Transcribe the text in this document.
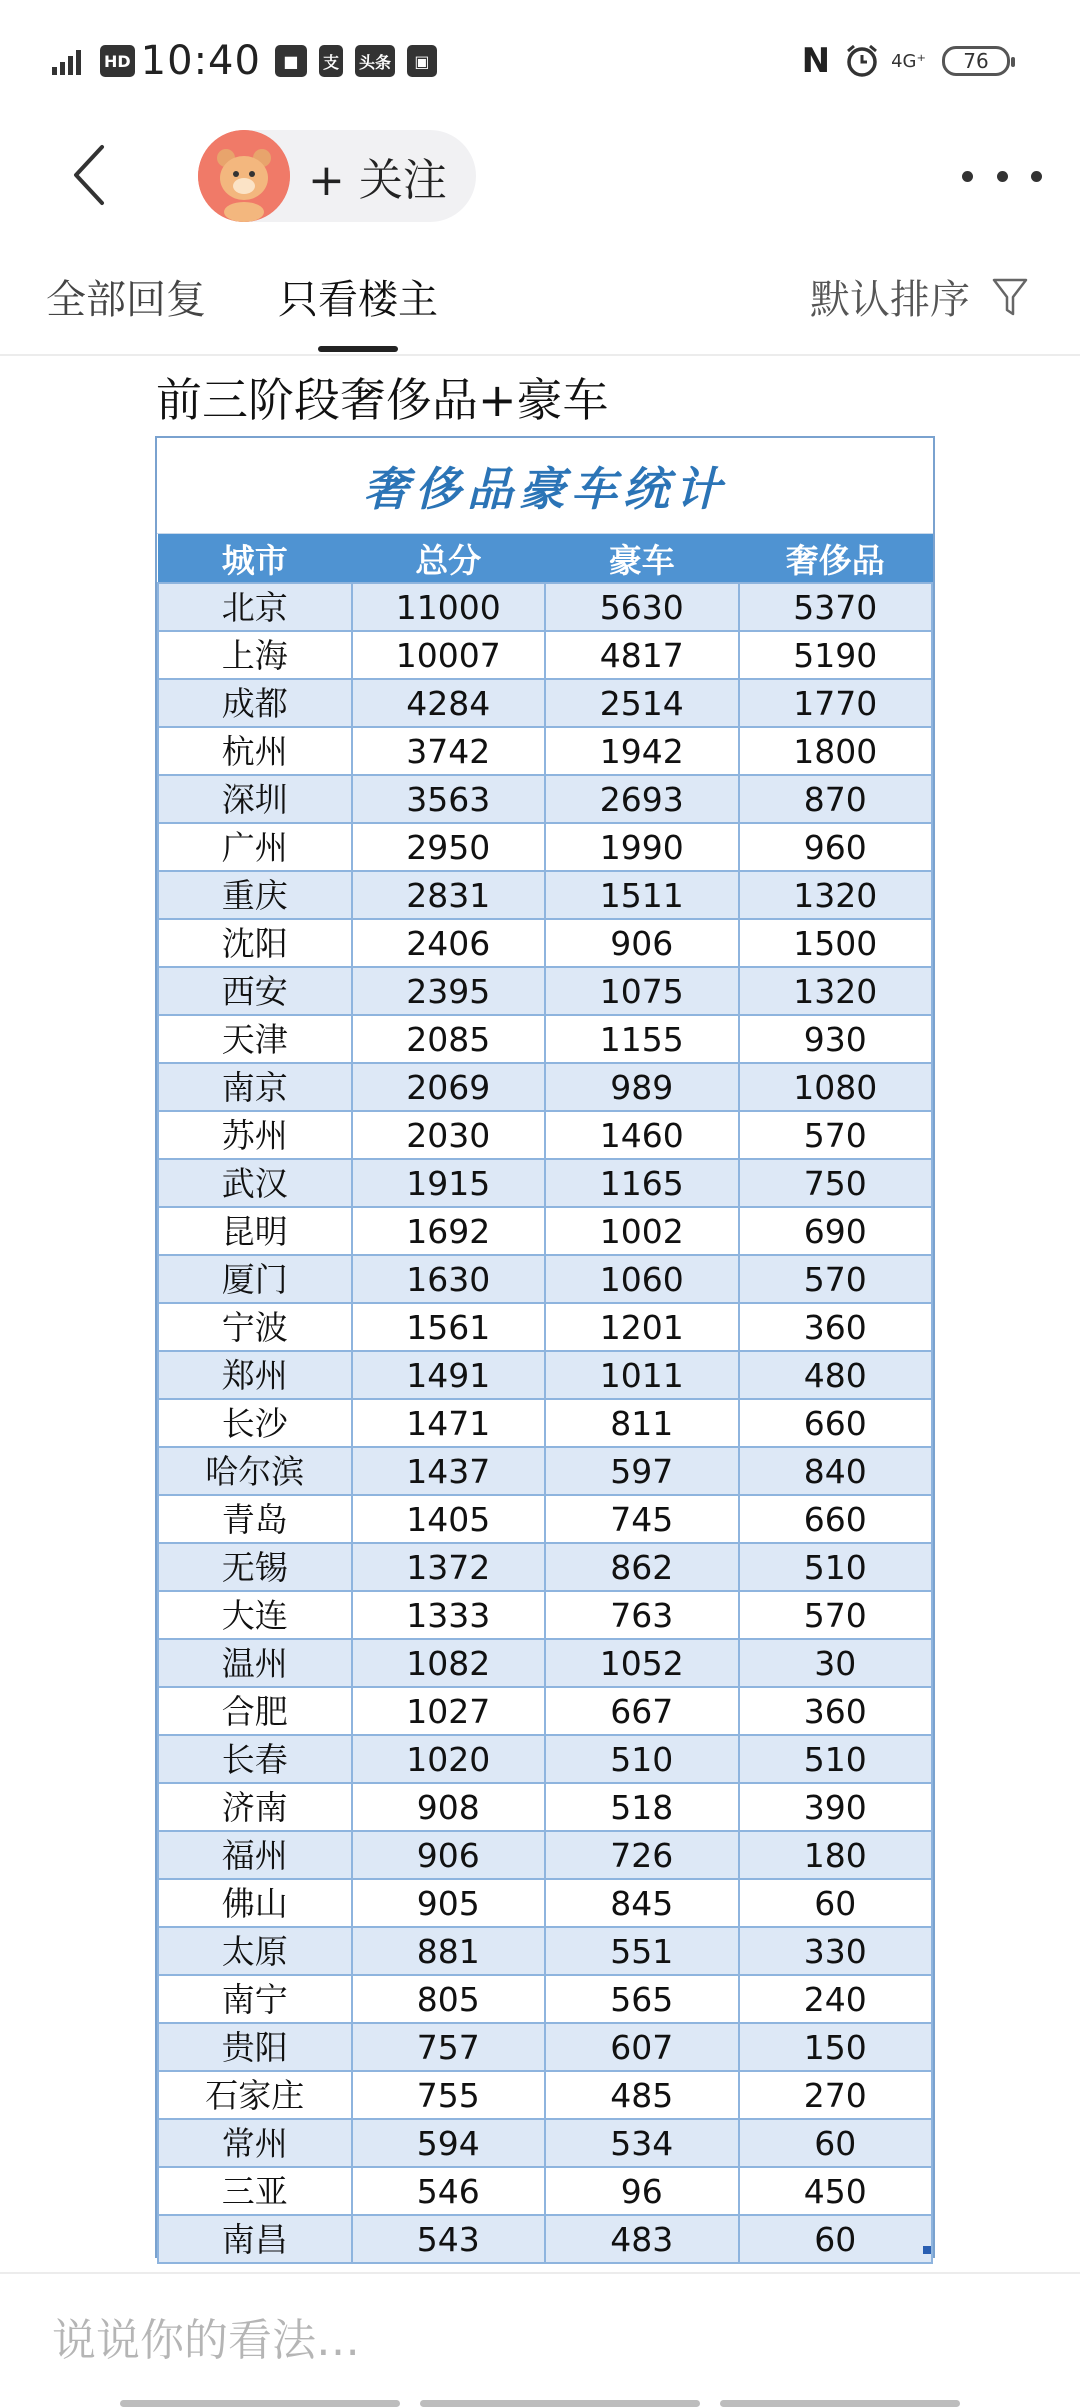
HD 10:40	■	支 头条	▣	N	4G⁺	76
+ 关注
全部回复 只看楼主	默认排序
前三阶段奢侈品+豪车
奢侈品豪车统计
城市	总分	豪车	奢侈品
北京	11000	5630	5370
上海	10007	4817	5190
成都	4284	2514	1770
杭州	3742	1942	1800
深圳	3563	2693	870
广州	2950	1990	960
重庆	2831	1511	1320
沈阳	2406	906	1500
西安	2395	1075	1320
天津	2085	1155	930
南京	2069	989	1080
苏州	2030	1460	570
武汉	1915	1165	750
昆明	1692	1002	690
厦门	1630	1060	570
宁波	1561	1201	360
郑州	1491	1011	480
长沙	1471	811	660
哈尔滨	1437	597	840
青岛	1405	745	660
无锡	1372	862	510
大连	1333	763	570
温州	1082	1052	30
合肥	1027	667	360
长春	1020	510	510
济南	908	518	390
福州	906	726	180
佛山	905	845	60
太原	881	551	330
南宁	805	565	240
贵阳	757	607	150
石家庄	755	485	270
常州	594	534	60
三亚	546	96	450
南昌	543	483	60
说说你的看法…
